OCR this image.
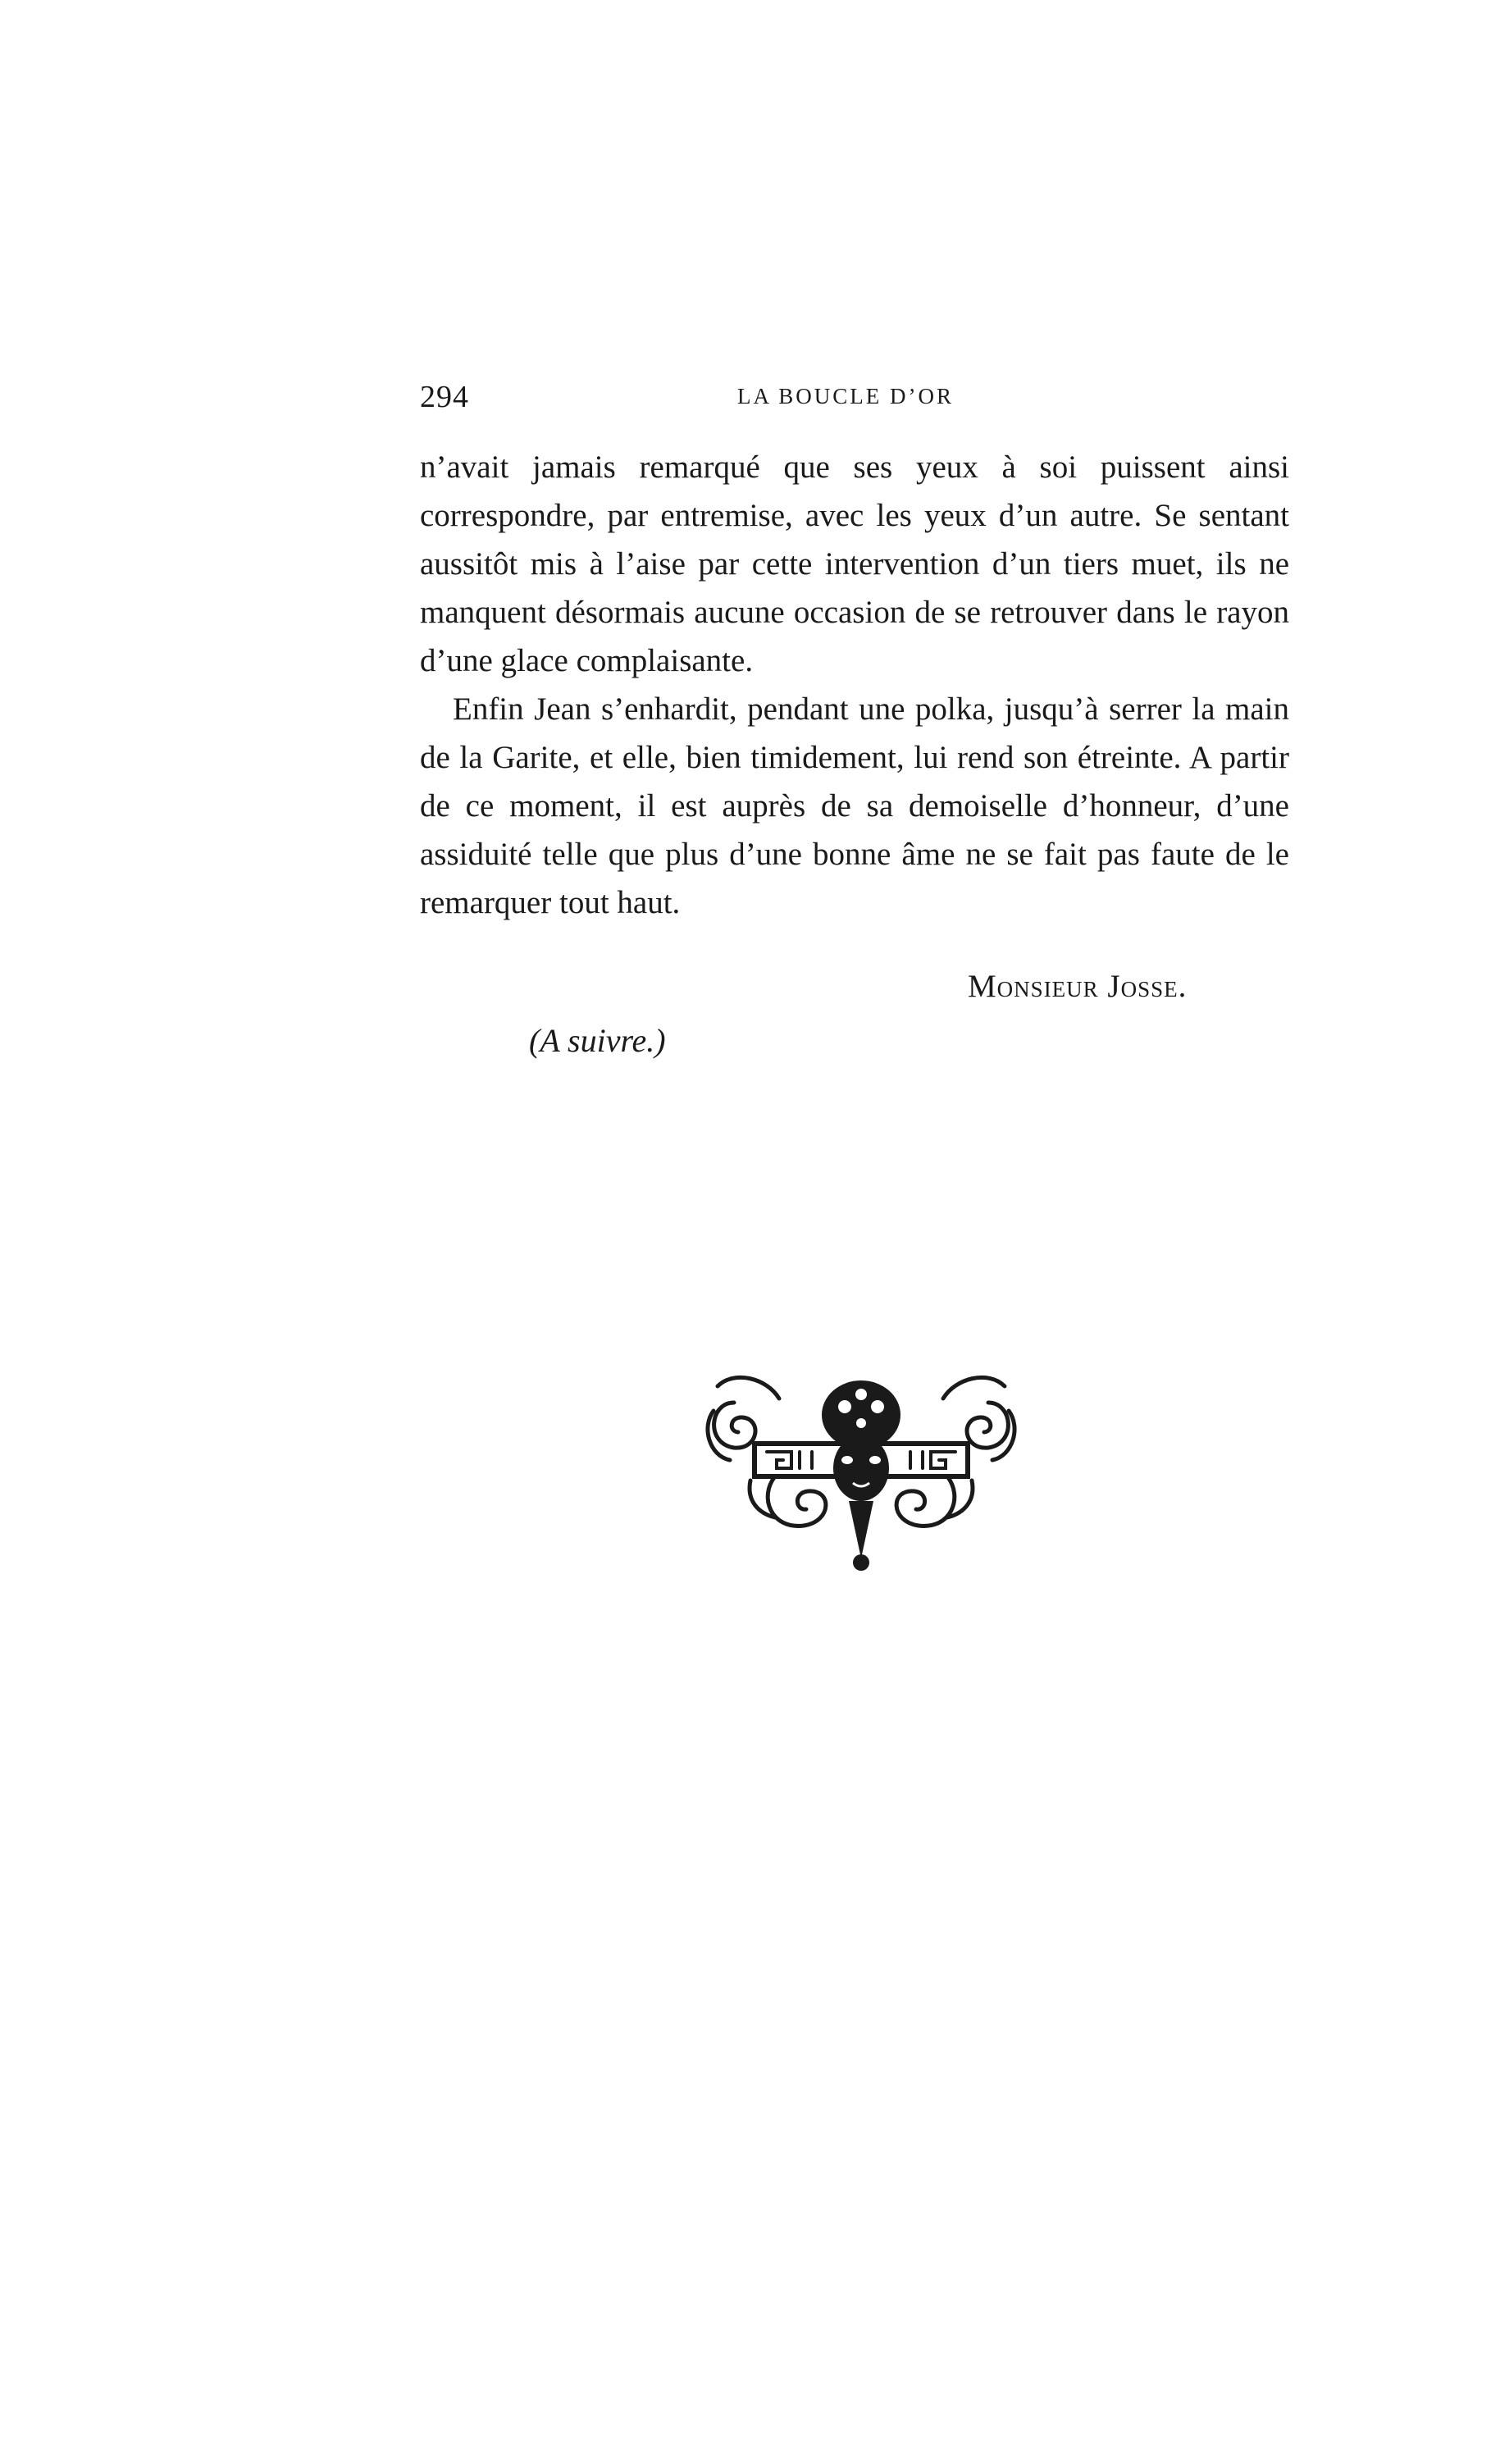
294	LA BOUCLE D’OR

n’avait jamais remarqué que ses yeux à soi puissent ainsi correspondre, par entremise, avec les yeux d’un autre. Se sentant aussitôt mis à l’aise par cette intervention d’un tiers muet, ils ne manquent désormais aucune occasion de se retrouver dans le rayon d’une glace complaisante.

Enfin Jean s’enhardit, pendant une polka, jusqu’à serrer la main de la Garite, et elle, bien timidement, lui rend son étreinte. A partir de ce moment, il est auprès de sa demoiselle d’honneur, d’une assiduité telle que plus d’une bonne âme ne se fait pas faute de le remarquer tout haut.

Monsieur Josse.
(A suivre.)
